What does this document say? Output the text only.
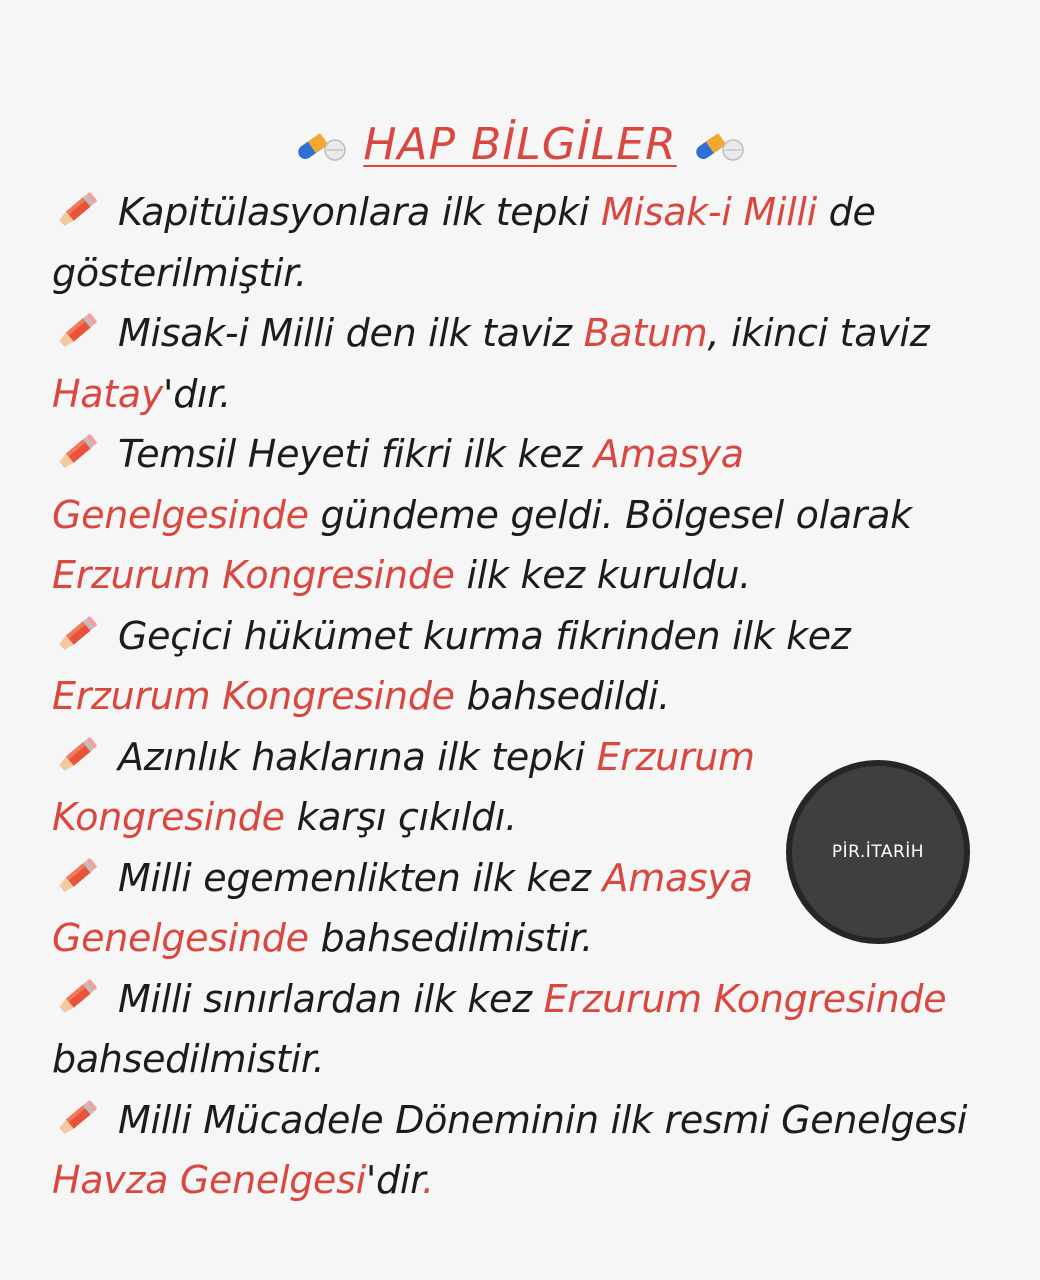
HAP BİLGİLER

Kapitülasyonlara ilk tepki Misak-i Milli de gösterilmiştir.

Misak-i Milli den ilk taviz Batum, ikinci taviz Hatay'dır.

Temsil Heyeti fikri ilk kez Amasya Genelgesinde gündeme geldi. Bölgesel olarak Erzurum Kongresinde ilk kez kuruldu.

Geçici hükümet kurma fikrinden ilk kez Erzurum Kongresinde bahsedildi.

Azınlık haklarına ilk tepki Erzurum Kongresinde karşı çıkıldı.

Milli egemenlikten ilk kez Amasya Genelgesinde bahsedilmistir.

Milli sınırlardan ilk kez Erzurum Kongresinde bahsedilmistir.

Milli Mücadele Döneminin ilk resmi Genelgesi Havza Genelgesi'dir.

PİR.İTARİH
